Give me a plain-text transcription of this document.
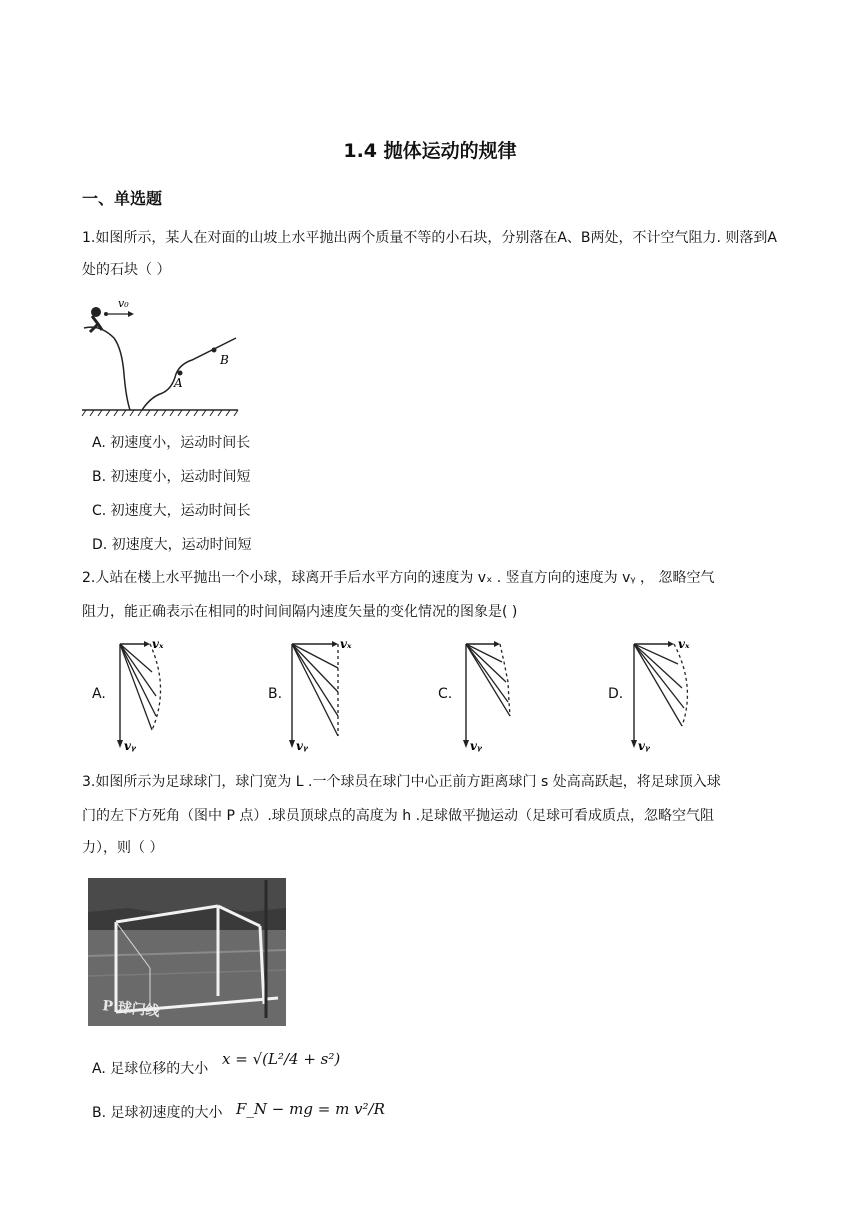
1.4 抛体运动的规律
一、单选题
1.如图所示，某人在对面的山坡上水平抛出两个质量不等的小石块，分别落在A、B两处，不计空气阻力. 则落到A处的石块（ ）
v₀
A
B
A. 初速度小，运动时间长
B. 初速度小，运动时间短
C. 初速度大，运动时间长
D. 初速度大，运动时间短
2.人站在楼上水平抛出一个小球，球离开手后水平方向的速度为 vₓ . 竖直方向的速度为 vᵧ ， 忽略空气
阻力，能正确表示在相同的时间间隔内速度矢量的变化情况的图象是( )
A.
vₓ
vᵧ
B.
vₓ
vᵧ
C.
vᵧ
D.
vₓ
vᵧ
3.如图所示为足球球门，球门宽为 L .一个球员在球门中心正前方距离球门 s 处高高跃起，将足球顶入球
门的左下方死角（图中 P 点）.球员顶球点的高度为 h .足球做平抛运动（足球可看成质点，忽略空气阻
力），则（ ）
P 球门线
A. 足球位移的大小
x = √(L²/4 + s²)
B. 足球初速度的大小 F_N − mg = m v²/R
